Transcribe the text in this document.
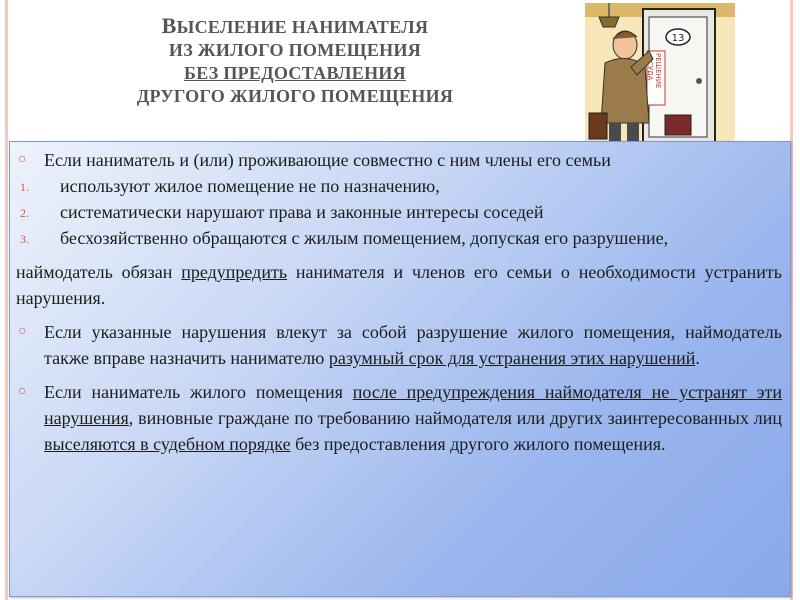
ВЫСЕЛЕНИЕ НАНИМАТЕЛЯ
ИЗ ЖИЛОГО ПОМЕЩЕНИЯ
БЕЗ ПРЕДОСТАВЛЕНИЯ
ДРУГОГО ЖИЛОГО ПОМЕЩЕНИЯ
13
РЕШЕНИЕ
СУДА

○ Если наниматель и (или) проживающие совместно с ним члены его семьи

1. используют жилое помещение не по назначению,

2. систематически нарушают права и законные интересы соседей

3. бесхозяйственно обращаются с жилым помещением, допуская его разрушение,

наймодатель обязан предупредить нанимателя и членов его семьи о необходимости устранить нарушения.

○ Если указанные нарушения влекут за собой разрушение жилого помещения, наймодатель также вправе назначить нанимателю разумный срок для устранения этих нарушений.

○ Если наниматель жилого помещения после предупреждения наймодателя не устранят эти нарушения, виновные граждане по требованию наймодателя или других заинтересованных лиц выселяются в судебном порядке без предоставления другого жилого помещения.
